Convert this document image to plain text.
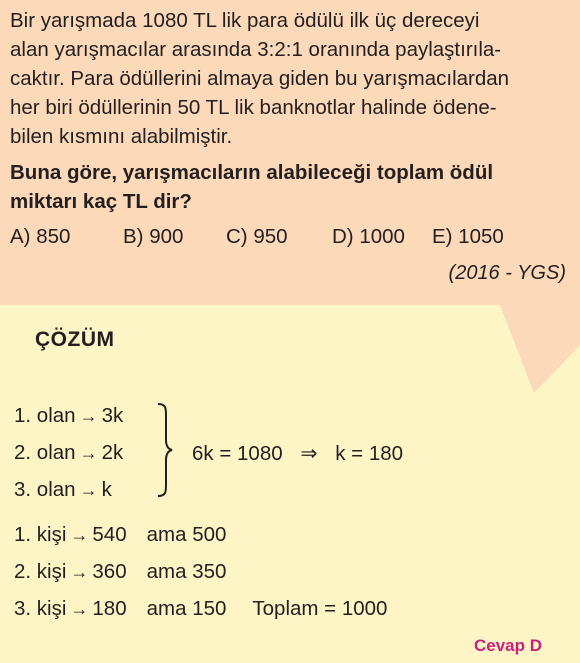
Bir yarışmada 1080 TL lik para ödülü ilk üç dereceyi
alan yarışmacılar arasında 3:2:1 oranında paylaştırıla-
caktır. Para ödüllerini almaya giden bu yarışmacılardan
her biri ödüllerinin 50 TL lik banknotlar halinde ödene-
bilen kısmını alabilmiştir.
Buna göre, yarışmacıların alabileceği toplam ödül
miktarı kaç TL dir?
A) 850	B) 900 C) 950 D) 1000 E) 1050
(2016 - YGS)
ÇÖZÜM
1. olan → 3k
2. olan → 2k
3. olan → k
6k = 1080 ⇒ k = 180
1. kişi → 540 ama 500
2. kişi → 360 ama 350
3. kişi → 180 ama 150 Toplam = 1000
Cevap D
